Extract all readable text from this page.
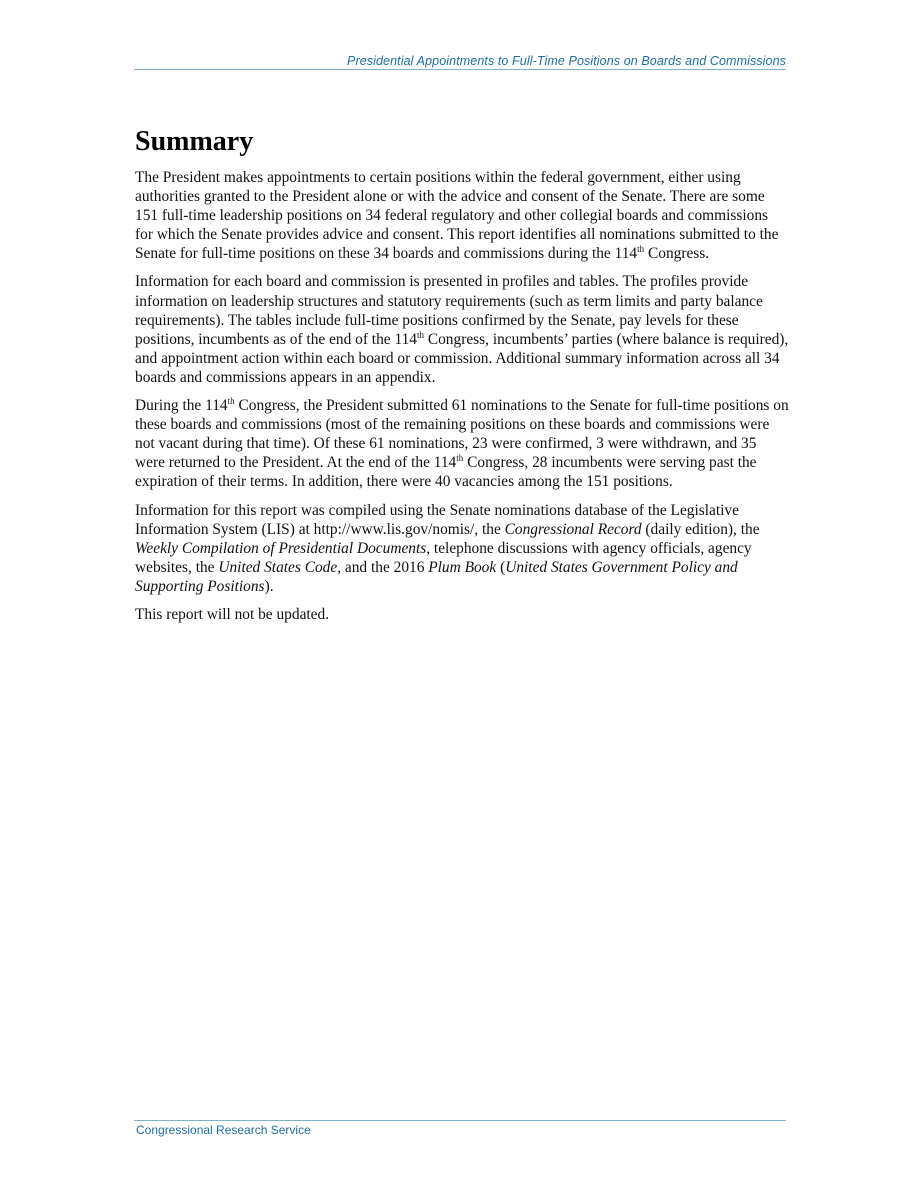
Presidential Appointments to Full-Time Positions on Boards and Commissions
Summary

The President makes appointments to certain positions within the federal government, either using authorities granted to the President alone or with the advice and consent of the Senate. There are some 151 full-time leadership positions on 34 federal regulatory and other collegial boards and commissions for which the Senate provides advice and consent. This report identifies all nominations submitted to the Senate for full-time positions on these 34 boards and commissions during the 114th Congress.

Information for each board and commission is presented in profiles and tables. The profiles provide information on leadership structures and statutory requirements (such as term limits and party balance requirements). The tables include full-time positions confirmed by the Senate, pay levels for these positions, incumbents as of the end of the 114th Congress, incumbents’ parties (where balance is required), and appointment action within each board or commission. Additional summary information across all 34 boards and commissions appears in an appendix.

During the 114th Congress, the President submitted 61 nominations to the Senate for full-time positions on these boards and commissions (most of the remaining positions on these boards and commissions were not vacant during that time). Of these 61 nominations, 23 were confirmed, 3 were withdrawn, and 35 were returned to the President. At the end of the 114th Congress, 28 incumbents were serving past the expiration of their terms. In addition, there were 40 vacancies among the 151 positions.

Information for this report was compiled using the Senate nominations database of the Legislative Information System (LIS) at http://www.lis.gov/nomis/, the Congressional Record (daily edition), the Weekly Compilation of Presidential Documents, telephone discussions with agency officials, agency websites, the United States Code, and the 2016 Plum Book (United States Government Policy and Supporting Positions).

This report will not be updated.

Congressional Research Service
